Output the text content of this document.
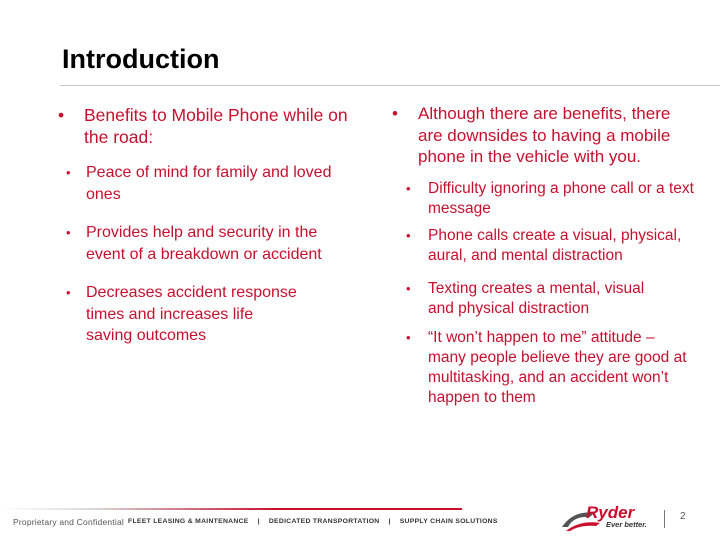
Introduction
• Benefits to Mobile Phone while on the road:
• Peace of mind for family and loved ones
• Provides help and security in the event of a breakdown or accident
• Decreases accident response times and increases life saving outcomes
• Although there are benefits, there are downsides to having a mobile phone in the vehicle with you.
• Difficulty ignoring a phone call or a text message
• Phone calls create a visual, physical, aural, and mental distraction
• Texting creates a mental, visual and physical distraction
• “It won’t happen to me” attitude – many people believe they are good at multitasking, and an accident won’t happen to them
Proprietary and Confidential FLEET LEASING & MAINTENANCE | DEDICATED TRANSPORTATION | SUPPLY CHAIN SOLUTIONS	Ryder
Ever better.
2
